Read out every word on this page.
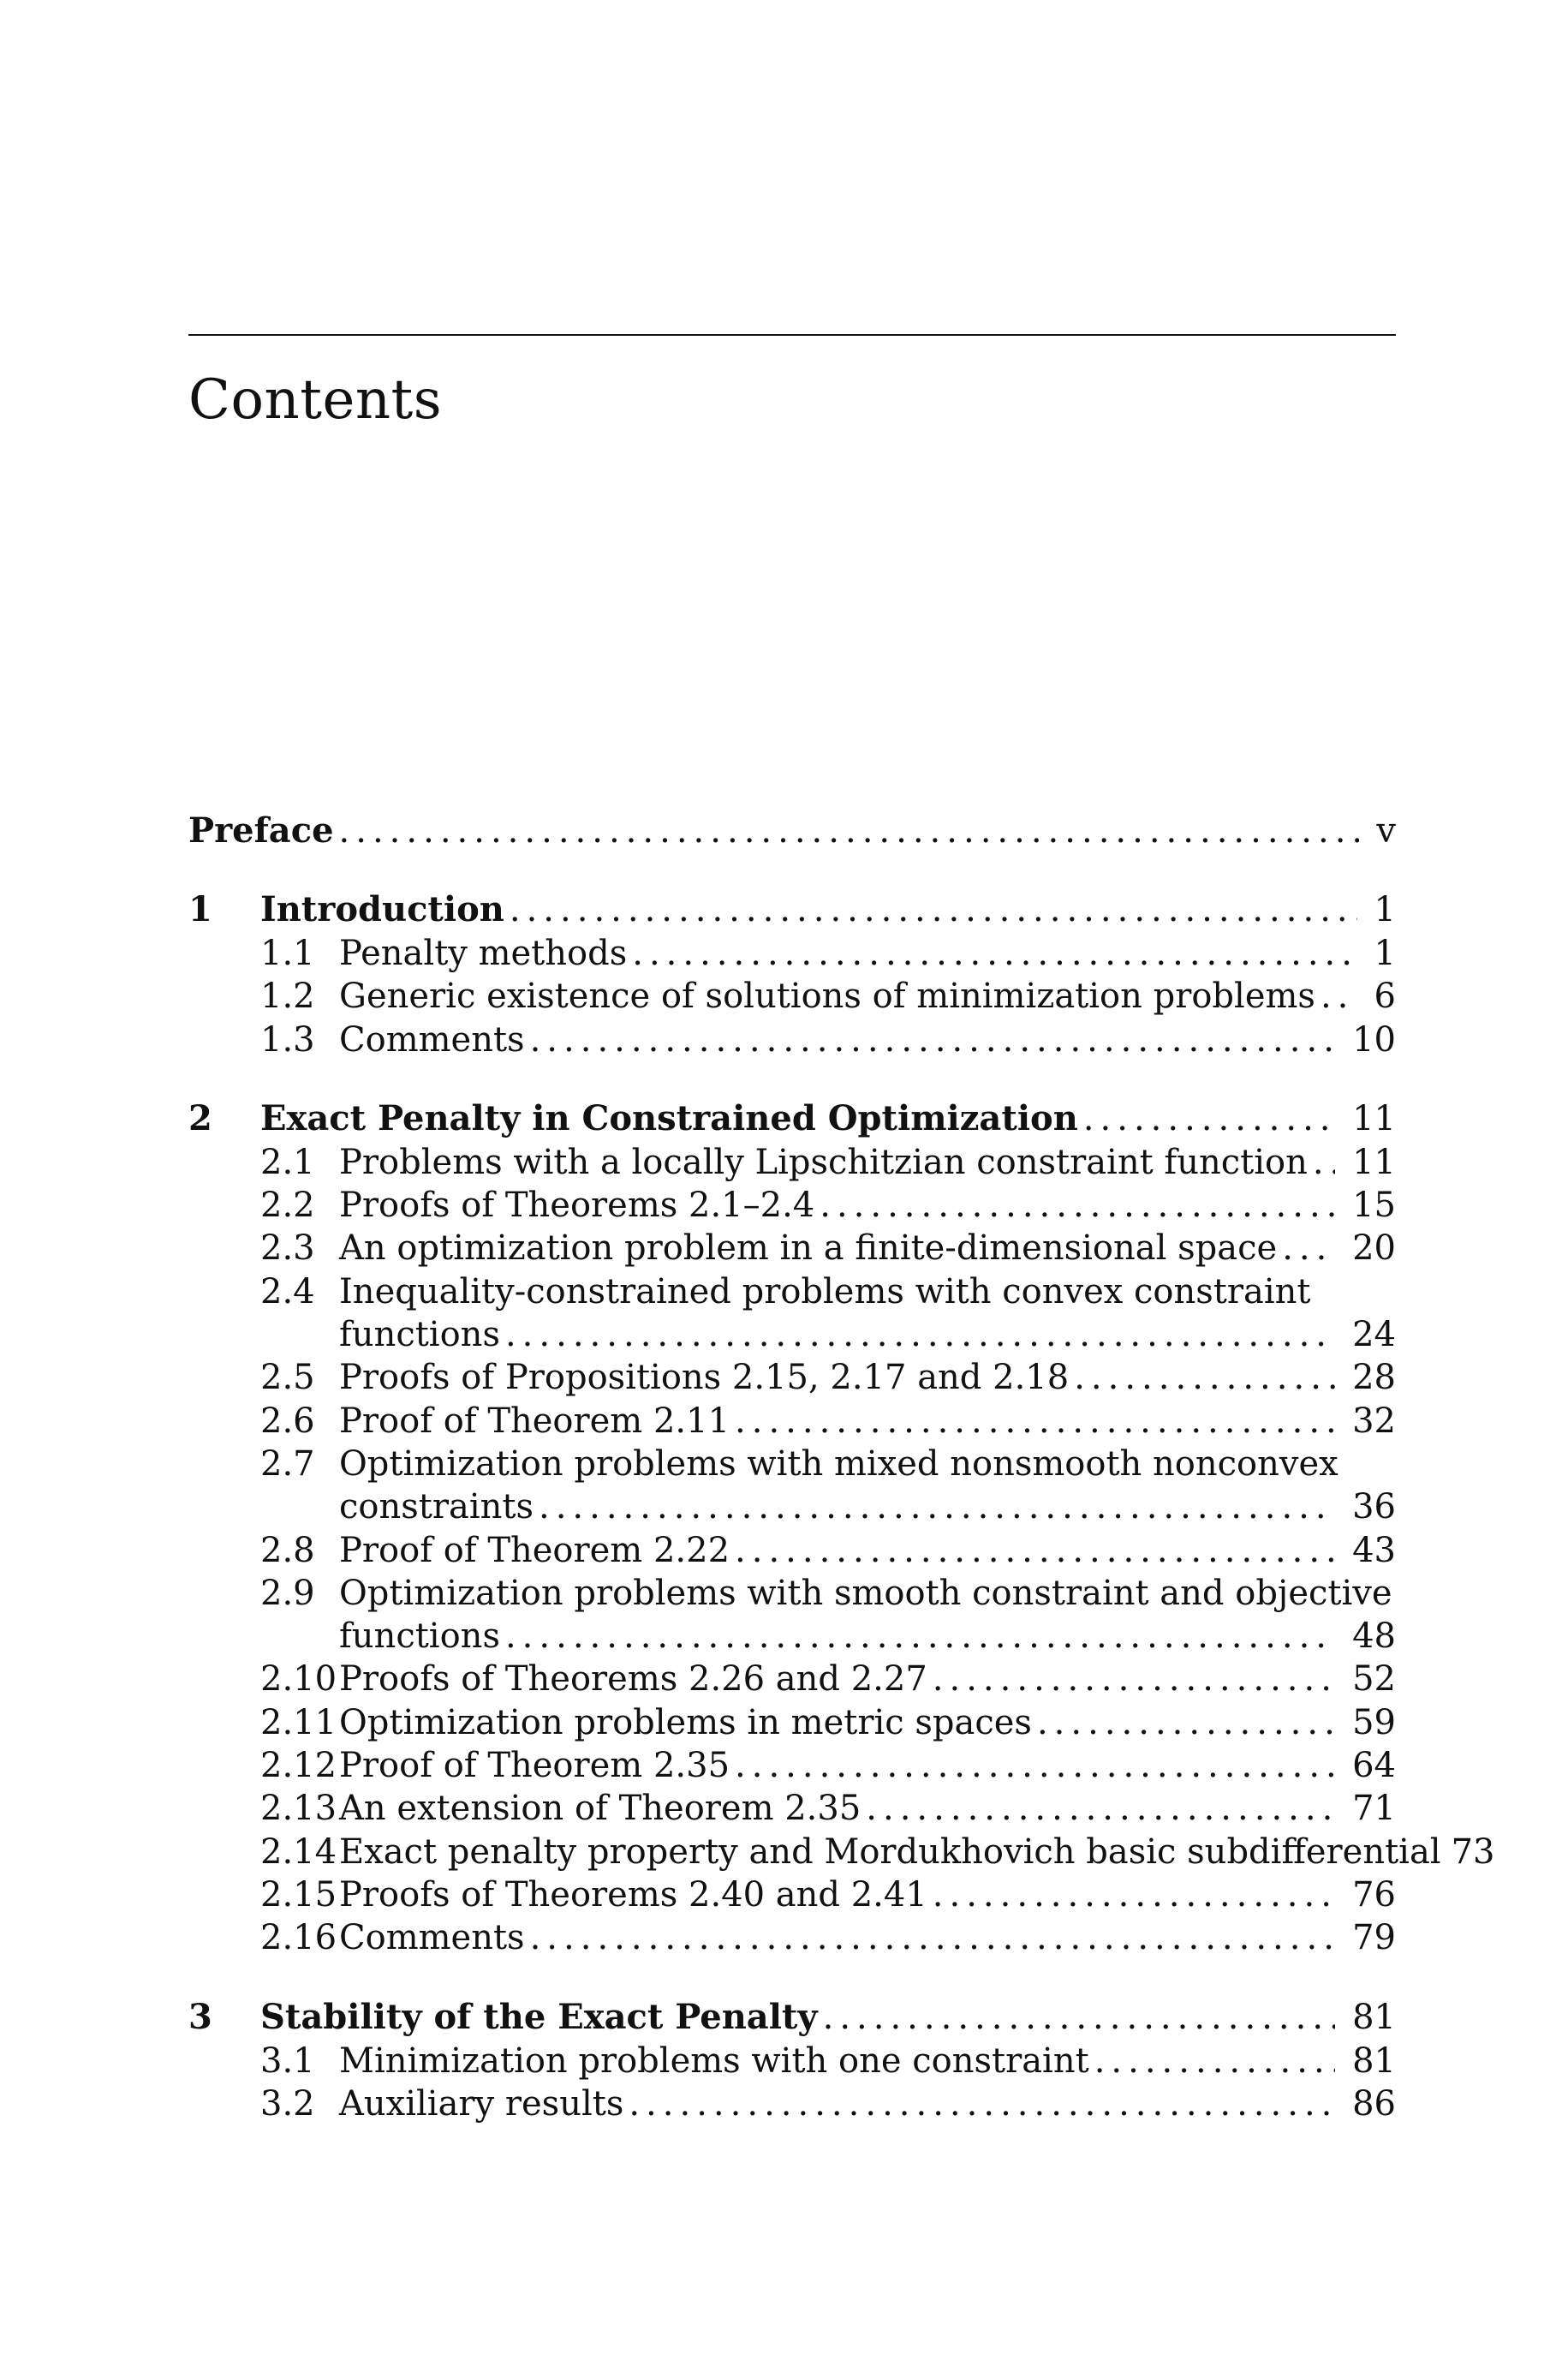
Contents
Preface .....	v
1 Introduction .....	1
1.1 Penalty methods .....	1
1.2 Generic existence of solutions of minimization problems ..... 6
1.3 Comments .....	10
2 Exact Penalty in Constrained Optimization .....	11
2.1 Problems with a locally Lipschitzian constraint function ..... 11
2.2 Proofs of Theorems 2.1–2.4 .....	15
2.3 An optimization problem in a finite-dimensional space ..... 20
2.4 Inequality-constrained problems with convex constraint
functions .....	24
2.5 Proofs of Propositions 2.15, 2.17 and 2.18 .....	28
2.6 Proof of Theorem 2.11 .....	32
2.7 Optimization problems with mixed nonsmooth nonconvex
constraints .....	36
2.8 Proof of Theorem 2.22 .....	43
2.9 Optimization problems with smooth constraint and objective
functions .....	48
2.10 Proofs of Theorems 2.26 and 2.27 .....	52
2.11 Optimization problems in metric spaces .....	59
2.12 Proof of Theorem 2.35 .....	64
2.13 An extension of Theorem 2.35 .....	71
2.14 Exact penalty property and Mordukhovich basic subdifferential 73
2.15 Proofs of Theorems 2.40 and 2.41 .....	76
2.16 Comments .....	79
3 Stability of the Exact Penalty .....	81
3.1 Minimization problems with one constraint .....	81
3.2 Auxiliary results .....	86
